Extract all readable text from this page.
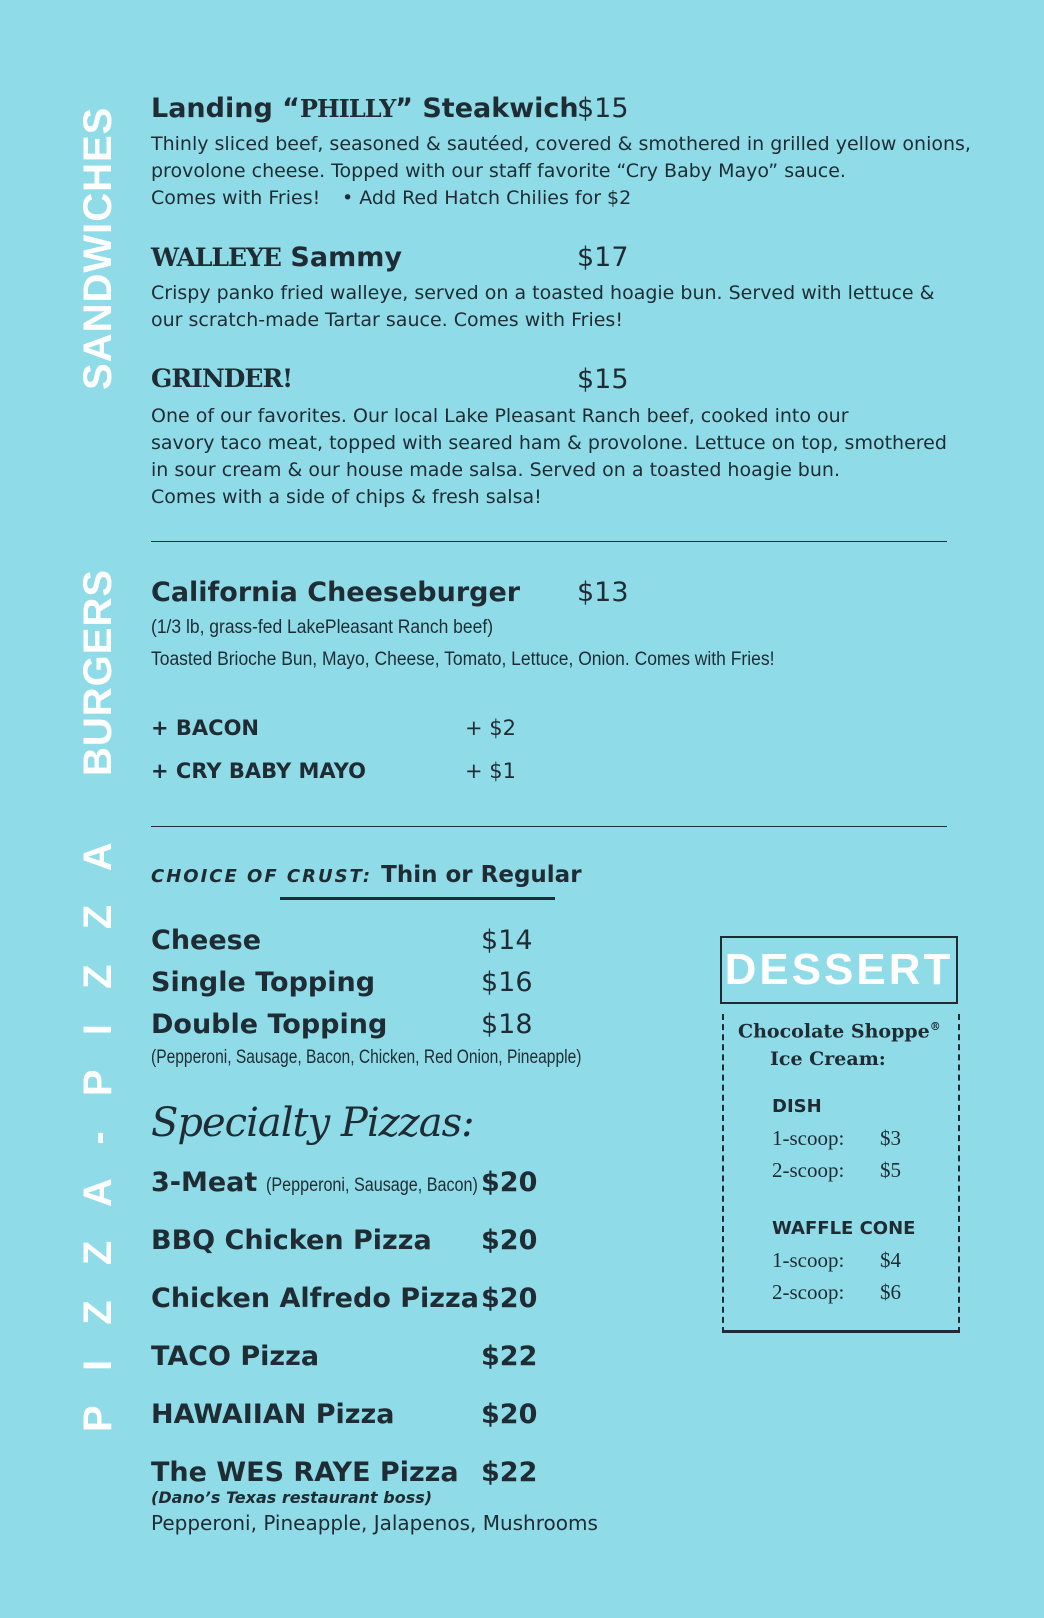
SANDWICHES
BURGERS
P I Z Z A - P I Z Z A
Landing “PHILLY” Steakwich
$15
Thinly sliced beef, seasoned & sautéed, covered & smothered in grilled yellow onions,
provolone cheese. Topped with our staff favorite “Cry Baby Mayo” sauce.
Comes with Fries! • Add Red Hatch Chilies for $2
WALLEYE Sammy	$17
Crispy panko fried walleye, served on a toasted hoagie bun. Served with lettuce &
our scratch-made Tartar sauce. Comes with Fries!
GRINDER!	$15
One of our favorites. Our local Lake Pleasant Ranch beef, cooked into our
savory taco meat, topped with seared ham & provolone. Lettuce on top, smothered
in sour cream & our house made salsa. Served on a toasted hoagie bun.
Comes with a side of chips & fresh salsa!
California Cheeseburger $13
(1/3 lb, grass-fed LakePleasant Ranch beef)
Toasted Brioche Bun, Mayo, Cheese, Tomato, Lettuce, Onion. Comes with Fries!
+ BACON	+ $2
+ CRY BABY MAYO	+ $1
CHOICE OF CRUST: Thin or Regular
Cheese	$14
Single Topping	$16
Double Topping	$18
(Pepperoni, Sausage, Bacon, Chicken, Red Onion, Pineapple)
Specialty Pizzas:
3-Meat (Pepperoni, Sausage, Bacon) $20
BBQ Chicken Pizza $20
Chicken Alfredo Pizza $20
TACO Pizza	$22
HAWAIIAN Pizza	$20
The WES RAYE Pizza $22
(Dano’s Texas restaurant boss)
Pepperoni, Pineapple, Jalapenos, Mushrooms
DESSERT
Chocolate Shoppe®
Ice Cream:
DISH
1-scoop: $3
2-scoop: $5
WAFFLE CONE
1-scoop: $4
2-scoop: $6
